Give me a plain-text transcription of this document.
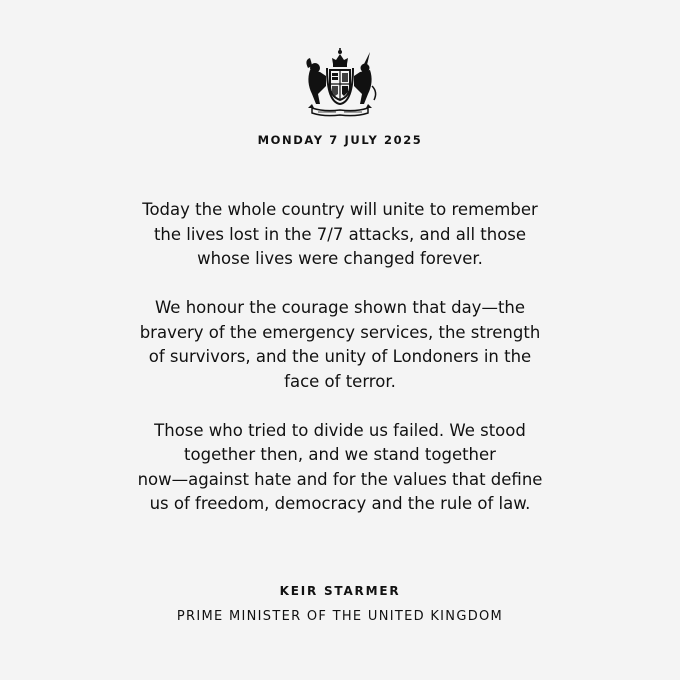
MONDAY 7 JULY 2025

Today the whole country will unite to remember
the lives lost in the 7/7 attacks, and all those
whose lives were changed forever.

We honour the courage shown that day—the
bravery of the emergency services, the strength
of survivors, and the unity of Londoners in the
face of terror.

Those who tried to divide us failed. We stood
together then, and we stand together
now—against hate and for the values that define
us of freedom, democracy and the rule of law.

KEIR STARMER
PRIME MINISTER OF THE UNITED KINGDOM
